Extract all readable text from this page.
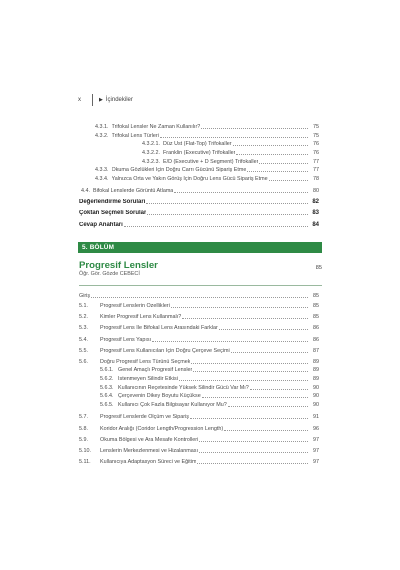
x	▶ İçindekiler
4.3.1. Trifokal Lensler Ne Zaman Kullanılır?	75
4.3.2. Trifokal Lens Türleri	75
4.3.2.1. Düz Üst (Flat-Top) Trifokaller	76
4.3.2.2. Franklin (Executive) Trifokaller	76
4.3.2.3. E/D (Executive + D Segment) Trifokaller	77
4.3.3. Okuma Gözlükleri İçin Doğru Carrı Gücünü Sipariş Etme	77
4.3.4. Yalnızca Orta ve Yakın Görüş İçin Doğru Lens Gücü Sipariş Etme	78
4.4. Bifokal Lenslerde Görüntü Atlama	80
Değerlendirme Soruları	82
Çoktan Seçmeli Sorular	83
Cevap Anahtarı	84
5. BÖLÜM
Progresif Lensler	85
Öğr. Gör. Gözde CEBECİ
Giriş	85
5.1.	Progresif Lenslerin Özellikleri	85
5.2.	Kimler Progresif Lens Kullanmalı?	85
5.3.	Progresif Lens İle Bifokal Lens Arasındaki Farklar	86
5.4.	Progresif Lens Yapısı	86
5.5.	Progresif Lens Kullanıcıları İçin Doğru Çerçeve Seçimi	87
5.6.	Doğru Progresif Lens Türünü Seçmek	89
5.6.1. Genel Amaçlı Progresif Lensler	89
5.6.2. İstenmeyen Silindir Etkisi	89
5.6.3. Kullanıcının Reçetesinde Yüksek Silindir Gücü Var Mı?	90
5.6.4. Çerçevenin Dikey Boyutu Küçükse	90
5.6.5. Kullanıcı Çok Fazla Bilgisayar Kullanıyor Mu?	90
5.7.	Progresif Lenslerde Ölçüm ve Sipariş	91
5.8.	Koridor Aralığı (Coridor Length/Progression Length)	96
5.9.	Okuma Bölgesi ve Ara Mesafe Kontrolleri	97
5.10.	Lenslerin Merkezlenmesi ve Hizalanması	97
5.11.	Kullanıcıya Adaptasyon Süreci ve Eğitim	97
